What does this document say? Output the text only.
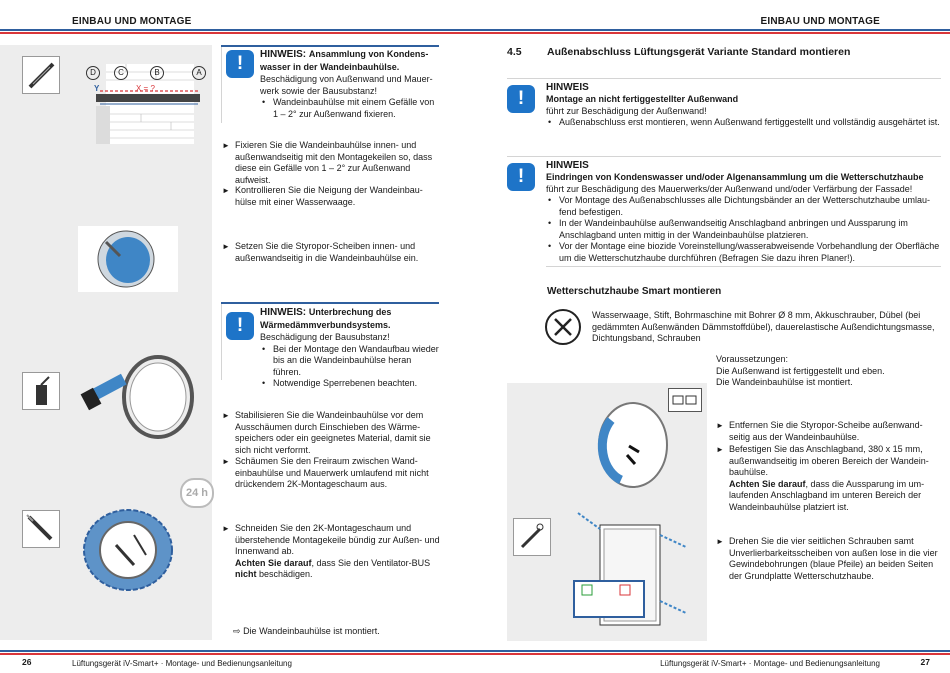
EINBAU UND MONTAGE	EINBAU UND MONTAGE
D	C	B	A
Y	X = ?
24 h
!	HINWEIS: Ansammlung von Kondens-wasser in der Wandeinbauhülse.
Beschädigung von Außenwand und Mauer-werk sowie der Bausubstanz!
• Wandeinbauhülse mit einem Gefälle von 1 – 2° zur Außenwand fixieren.
► Fixieren Sie die Wandeinbauhülse innen- und außenwandseitig mit den Montagekeilen so, dass diese ein Gefälle von 1 – 2° zur Außenwand aufweist.
► Kontrollieren Sie die Neigung der Wandeinbau-hülse mit einer Wasserwaage.
► Setzen Sie die Styropor-Scheiben innen- und außenwandseitig in die Wandeinbauhülse ein.
!
HINWEIS: Unterbrechung des Wärmedämmverbundsystems.
Beschädigung der Bausubstanz!
• Bei der Montage den Wandaufbau wieder bis an die Wandeinbauhülse heran führen.
• Notwendige Sperrebenen beachten.
► Stabilisieren Sie die Wandeinbauhülse vor dem Ausschäumen durch Einschieben des Wärme-speichers oder ein geeignetes Material, damit sie sich nicht verformt.
► Schäumen Sie den Freiraum zwischen Wand-einbauhülse und Mauerwerk umlaufend mit nicht drückendem 2K-Montageschaum aus.
► Schneiden Sie den 2K-Montageschaum und überstehende Montagekeile bündig zur Außen- und Innenwand ab.
Achten Sie darauf, dass Sie den Ventilator-BUS
nicht beschädigen.
⇨ Die Wandeinbauhülse ist montiert.
4.5 Außenabschluss Lüftungsgerät Variante Standard montieren
!
HINWEIS
Montage an nicht fertiggestellter Außenwand
führt zur Beschädigung der Außenwand!
• Außenabschluss erst montieren, wenn Außenwand fertiggestellt und vollständig ausgehärtet ist.
!
HINWEIS
Eindringen von Kondenswasser und/oder Algenansammlung um die Wetterschutzhaube
führt zur Beschädigung des Mauerwerks/der Außenwand und/oder Verfärbung der Fassade!
• Vor Montage des Außenabschlusses alle Dichtungsbänder an der Wetterschutzhaube umlau-fend befestigen.
• In der Wandeinbauhülse außenwandseitig Anschlagband anbringen und Aussparung im Anschlagband unten mittig in der Wandeinbauhülse platzieren.
• Vor der Montage eine biozide Voreinstellung/wasserabweisende Vorbehandlung der Oberfläche um die Wetterschutzhaube durchführen (Befragen Sie dazu ihren Planer!).
Wetterschutzhaube Smart montieren
Wasserwaage, Stift, Bohrmaschine mit Bohrer Ø 8 mm, Akkuschrauber, Dübel (bei gedämmten Außenwänden Dämmstoffdübel), dauerelastische Außendichtungsmasse, Dichtungsband, Schrauben
Voraussetzungen:
Die Außenwand ist fertiggestellt und eben.
Die Wandeinbauhülse ist montiert.
► Entfernen Sie die Styropor-Scheibe außenwand-seitig aus der Wandeinbauhülse.
► Befestigen Sie das Anschlagband, 380 x 15 mm, außenwandseitig im oberen Bereich der Wandein-bauhülse.
Achten Sie darauf, dass die Aussparung im um-laufenden Anschlagband im unteren Bereich der Wandeinbauhülse platziert ist.
► Drehen Sie die vier seitlichen Schrauben samt Unverlierbarkeitsscheiben von außen lose in die vier Gewindebohrungen (blaue Pfeile) an beiden Seiten der Grundplatte Wetterschutzhaube.
26	Lüftungsgerät iV-Smart+ · Montage- und Bedienungsanleitung	Lüftungsgerät iV-Smart+ · Montage- und Bedienungsanleitung	27
